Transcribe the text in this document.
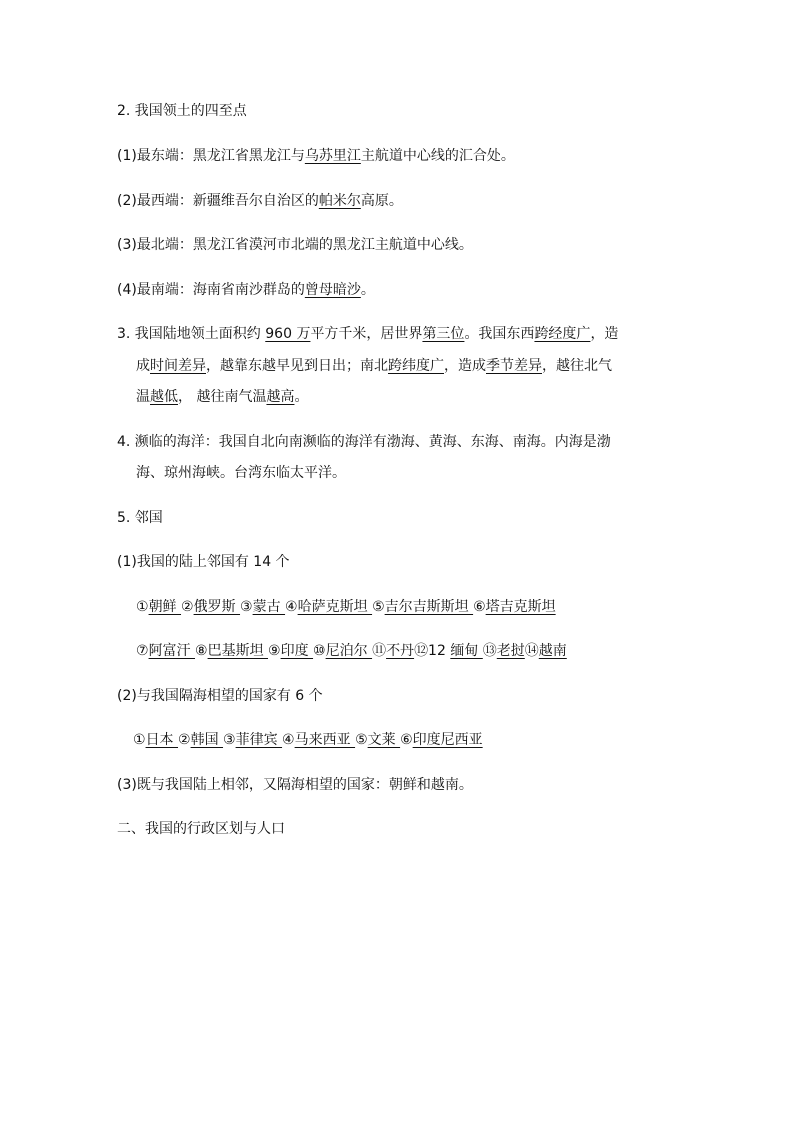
2. 我国领土的四至点
(1)最东端：黑龙江省黑龙江与乌苏里江主航道中心线的汇合处。
(2)最西端：新疆维吾尔自治区的帕米尔高原。
(3)最北端：黑龙江省漠河市北端的黑龙江主航道中心线。
(4)最南端：海南省南沙群岛的曾母暗沙。
3. 我国陆地领土面积约 960 万平方千米，居世界第三位。我国东西跨经度广，造
成时间差异，越靠东越早见到日出；南北跨纬度广，造成季节差异，越往北气
温越低， 越往南气温越高。
4. 濒临的海洋：我国自北向南濒临的海洋有渤海、黄海、东海、南海。内海是渤
海、琼州海峡。台湾东临太平洋。
5. 邻国
(1)我国的陆上邻国有 14 个
①朝鲜 ②俄罗斯 ③蒙古 ④哈萨克斯坦 ⑤吉尔吉斯斯坦 ⑥塔吉克斯坦
⑦阿富汗 ⑧巴基斯坦 ⑨印度 ⑩尼泊尔 ⑪不丹⑫12 缅甸 ⑬老挝⑭越南
(2)与我国隔海相望的国家有 6 个
①日本 ②韩国 ③菲律宾 ④马来西亚 ⑤文莱 ⑥印度尼西亚
(3)既与我国陆上相邻，又隔海相望的国家：朝鲜和越南。
二、我国的行政区划与人口
